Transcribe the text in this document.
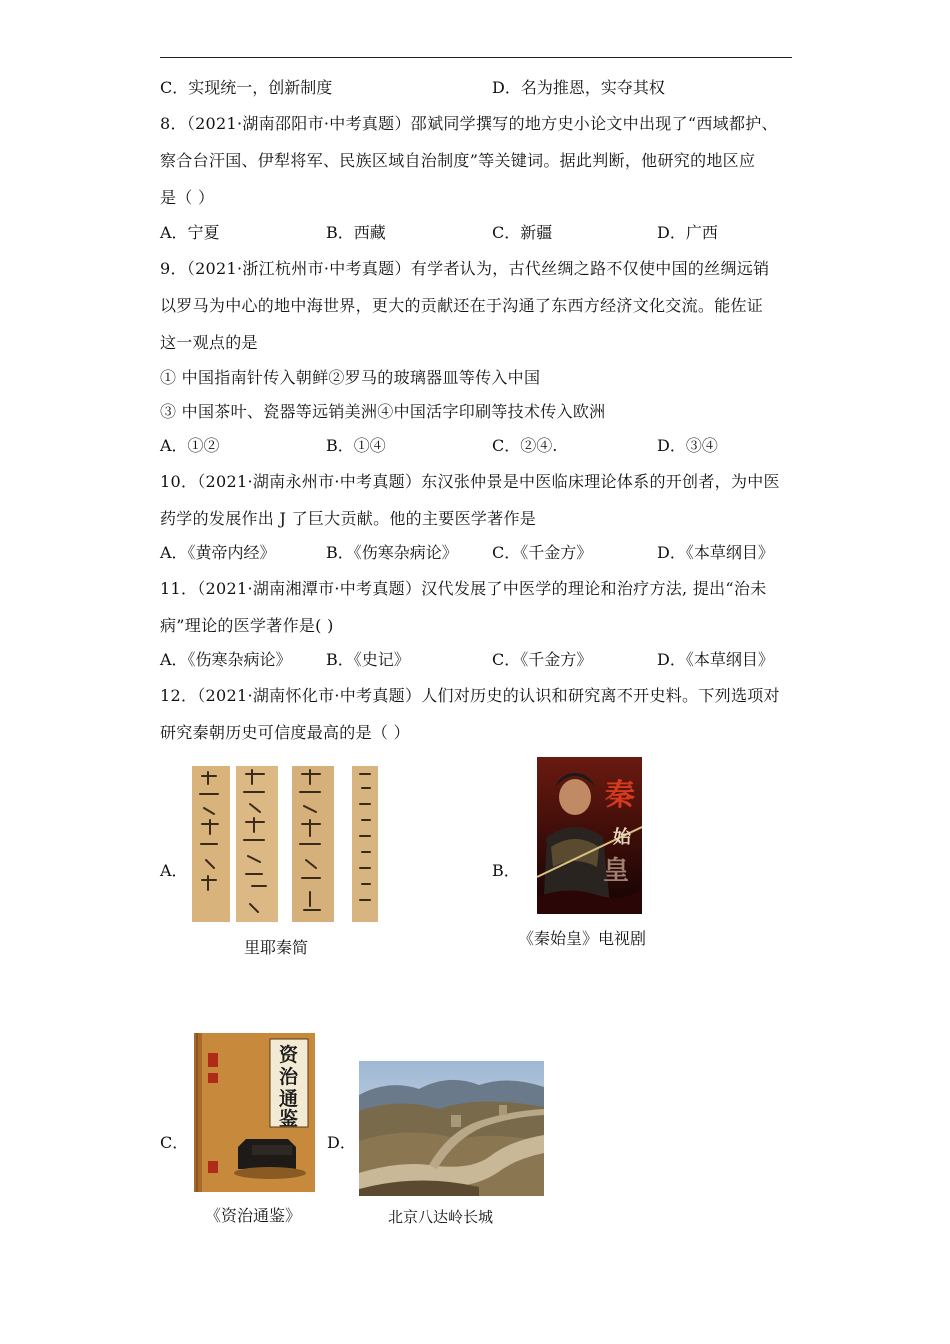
C．实现统一，创新制度	D．名为推恩，实夺其权
8．（2021·湖南邵阳市·中考真题）邵斌同学撰写的地方史小论文中出现了“西域都护、
察合台汗国、伊犁将军、民族区域自治制度”等关键词。据此判断，他研究的地区应
是（ ）
A．宁夏	B．西藏	C．新疆	D．广西
9．（2021·浙江杭州市·中考真题）有学者认为，古代丝绸之路不仅使中国的丝绸远销
以罗马为中心的地中海世界，更大的贡献还在于沟通了东西方经济文化交流。能佐证
这一观点的是
① 中国指南针传入朝鲜②罗马的玻璃器皿等传入中国
③ 中国茶叶、瓷器等远销美洲④中国活字印刷等技术传入欧洲
A．①②	B．①④	C．②④.	D．③④
10．（2021·湖南永州市·中考真题）东汉张仲景是中医临床理论体系的开创者，为中医
药学的发展作出 J 了巨大贡献。他的主要医学著作是
A．《黄帝内经》	B．《伤寒杂病论》 C．《千金方》	D．《本草纲目》
11．（2021·湖南湘潭市·中考真题）汉代发展了中医学的理论和治疗方法, 提出“治未
病”理论的医学著作是( )
A．《伤寒杂病论》 B．《史记》	C．《千金方》	D．《本草纲目》
12．（2021·湖南怀化市·中考真题）人们对历史的认识和研究离不开史料。下列选项对
研究秦朝历史可信度最高的是（ ）
A．
里耶秦简
B．
秦
始
皇
《秦始皇》电视剧
C．
资
治
通
鉴
《资治通鉴》
D．
北京八达岭长城
